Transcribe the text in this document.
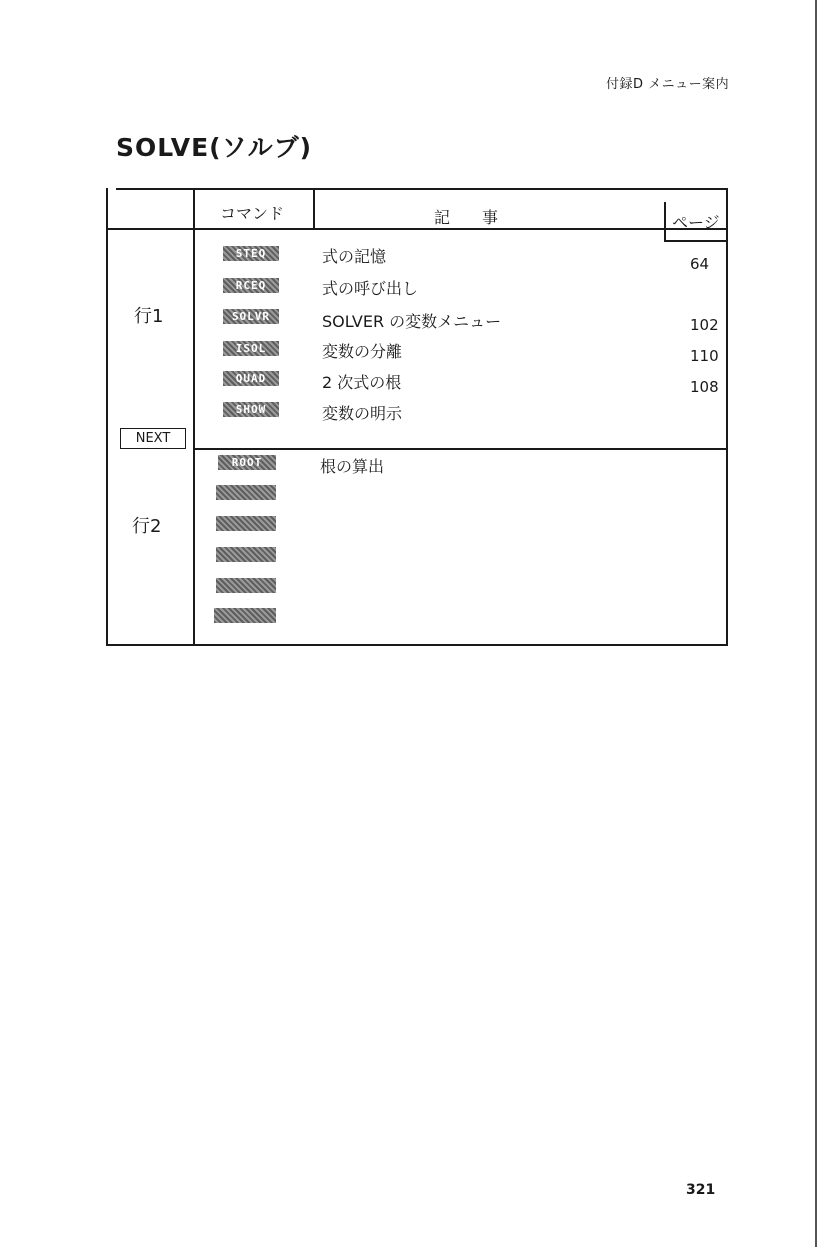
付録D メニュー案内
SOLVE(ソルブ)
コマンド	記　　事	ページ
行1
NEXT
行2
STEQ	式の記憶	64
RCEQ	式の呼び出し
SOLVR	SOLVER の変数メニュー	102
ISOL	変数の分離	110
QUAD	2 次式の根	108
SHOW	変数の明示
ROOT	根の算出
321
